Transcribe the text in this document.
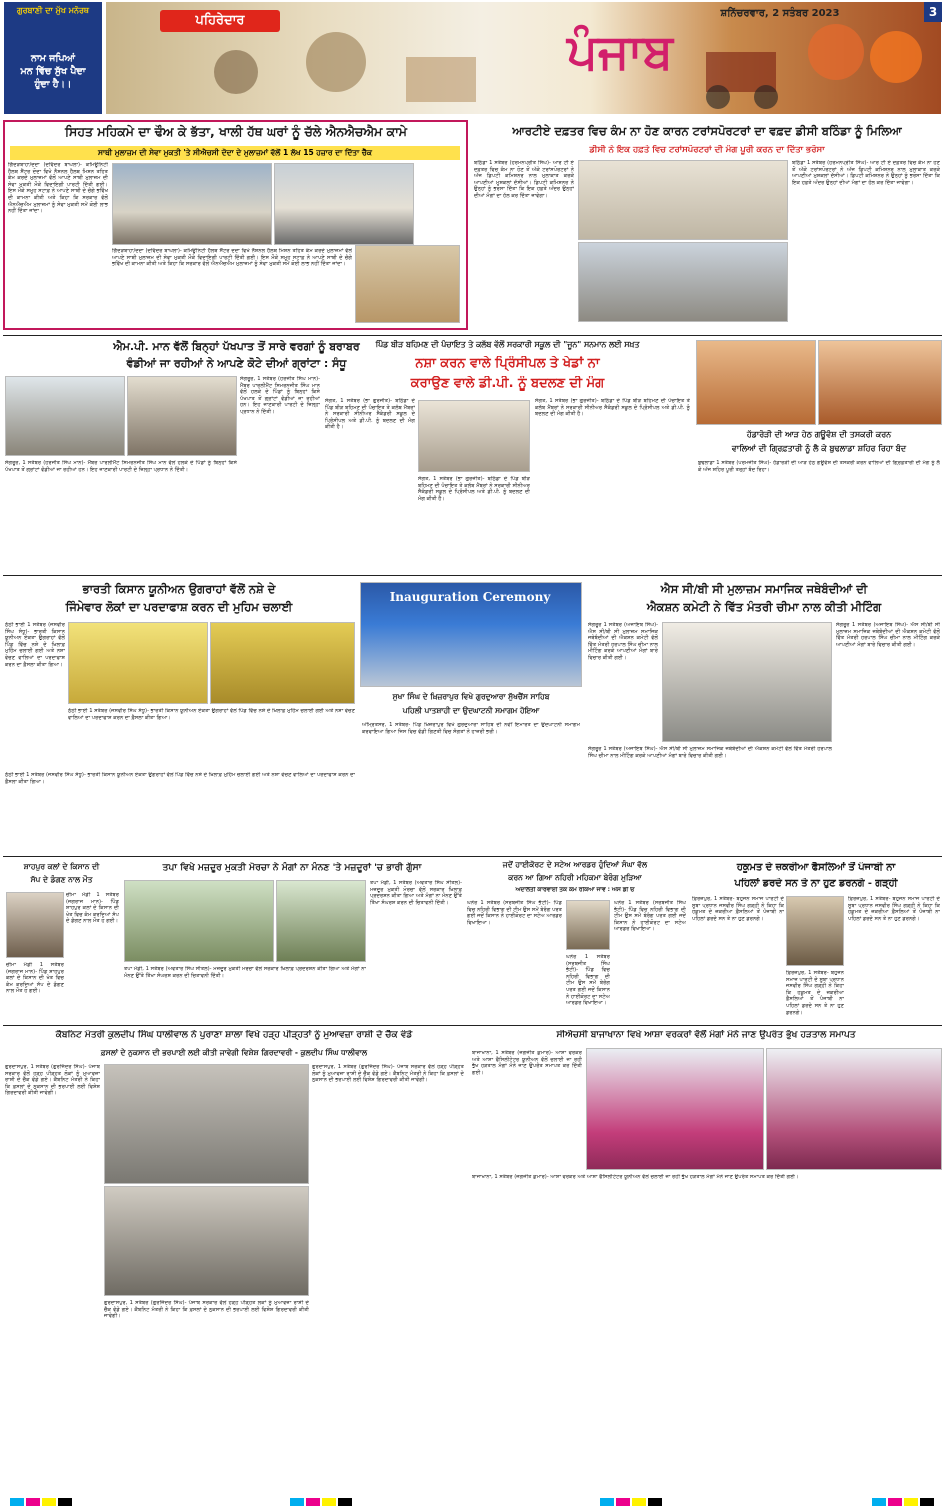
ਗੁਰਬਾਣੀ ਦਾ ਮੁੱਖ ਮਨੋਰਥ
ਨਾਮ ਜਪਿਆਂ
ਮਨ ਵਿੱਚ ਸੁੱਖ ਪੈਦਾ
ਹੁੰਦਾ ਹੈ।।
ਪਹਿਰੇਦਾਰ
ਪੰਜਾਬ
ਸ਼ਨਿੱਚਰਵਾਰ, 2 ਸਤੰਬਰ 2023	3
ਸਿਹਤ ਮਹਿਕਮੇ ਦਾ ਢੌਅ ਕੇ ਭੱਤਾ, ਖਾਲੀ ਹੱਥ ਘਰਾਂ ਨੂੰ ਚੱਲੇ ਐਨਐਚਐਮ ਕਾਮੇ
ਸਾਥੀ ਮੁਲਾਜ਼ਮ ਦੀ ਸੇਵਾ ਮੁਕਤੀ 'ਤੇ ਸੀਐਚਸੀ ਦੋਦਾ ਦੇ ਮੁਲਾਜ਼ਮਾਂ ਵੱਲੋਂ 1 ਲੱਖ 15 ਹਜ਼ਾਰ ਦਾ ਦਿੱਤਾ ਚੈੱਕ

ਗਿੱਦੜਬਾਹਾ/ਦੋਦਾ (ਦਵਿੰਦਰ ਬਾਘਲਾ)- ਕਮਿਊਨਿਟੀ ਹੈਲਥ ਸੈਂਟਰ ਦੋਦਾ ਵਿਖੇ ਨੈਸ਼ਨਲ ਹੈਲਥ ਮਿਸ਼ਨ ਤਹਿਤ ਕੰਮ ਕਰਦੇ ਮੁਲਾਜ਼ਮਾਂ ਵੱਲੋਂ ਆਪਣੇ ਸਾਥੀ ਮੁਲਾਜ਼ਮ ਦੀ ਸੇਵਾ ਮੁਕਤੀ ਮੌਕੇ ਵਿਦਾਇਗੀ ਪਾਰਟੀ ਦਿੱਤੀ ਗਈ। ਇਸ ਮੌਕੇ ਸਮੂਹ ਸਟਾਫ਼ ਨੇ ਆਪਣੇ ਸਾਥੀ ਦੇ ਚੰਗੇ ਭਵਿੱਖ ਦੀ ਕਾਮਨਾ ਕੀਤੀ ਅਤੇ ਕਿਹਾ ਕਿ ਸਰਕਾਰ ਵੱਲੋਂ ਐਨਐਚਐਮ ਮੁਲਾਜ਼ਮਾਂ ਨੂੰ ਸੇਵਾ ਮੁਕਤੀ ਸਮੇਂ ਕੋਈ ਲਾਭ ਨਹੀਂ ਦਿੱਤਾ ਜਾਂਦਾ।

ਗਿੱਦੜਬਾਹਾ/ਦੋਦਾ (ਦਵਿੰਦਰ ਬਾਘਲਾ)- ਕਮਿਊਨਿਟੀ ਹੈਲਥ ਸੈਂਟਰ ਦੋਦਾ ਵਿਖੇ ਨੈਸ਼ਨਲ ਹੈਲਥ ਮਿਸ਼ਨ ਤਹਿਤ ਕੰਮ ਕਰਦੇ ਮੁਲਾਜ਼ਮਾਂ ਵੱਲੋਂ ਆਪਣੇ ਸਾਥੀ ਮੁਲਾਜ਼ਮ ਦੀ ਸੇਵਾ ਮੁਕਤੀ ਮੌਕੇ ਵਿਦਾਇਗੀ ਪਾਰਟੀ ਦਿੱਤੀ ਗਈ। ਇਸ ਮੌਕੇ ਸਮੂਹ ਸਟਾਫ਼ ਨੇ ਆਪਣੇ ਸਾਥੀ ਦੇ ਚੰਗੇ ਭਵਿੱਖ ਦੀ ਕਾਮਨਾ ਕੀਤੀ ਅਤੇ ਕਿਹਾ ਕਿ ਸਰਕਾਰ ਵੱਲੋਂ ਐਨਐਚਐਮ ਮੁਲਾਜ਼ਮਾਂ ਨੂੰ ਸੇਵਾ ਮੁਕਤੀ ਸਮੇਂ ਕੋਈ ਲਾਭ ਨਹੀਂ ਦਿੱਤਾ ਜਾਂਦਾ।

ਆਰਟੀਏ ਦਫ਼ਤਰ ਵਿਚ ਕੰਮ ਨਾ ਹੋਣ ਕਾਰਨ ਟਰਾਂਸਪੋਰਟਰਾਂ ਦਾ ਵਫ਼ਦ ਡੀਸੀ ਬਠਿੰਡਾ ਨੂੰ ਮਿਲਿਆ
ਡੀਸੀ ਨੇ ਇਕ ਹਫ਼ਤੇ ਵਿਚ ਟਰਾਂਸਪੋਰਟਰਾਂ ਦੀ ਮੰਗ ਪੂਰੀ ਕਰਨ ਦਾ ਦਿੱਤਾ ਭਰੋਸਾ

ਬਠਿੰਡਾ 1 ਸਤੰਬਰ (ਹਰਮਨਪ੍ਰੀਤ ਸਿੰਘ)- ਆਰ ਟੀ ਏ ਦਫ਼ਤਰ ਵਿਚ ਕੰਮ ਨਾ ਹੋਣ ਤੋਂ ਅੱਕੇ ਟਰਾਂਸਪੋਰਟਰਾਂ ਨੇ ਅੱਜ ਡਿਪਟੀ ਕਮਿਸ਼ਨਰ ਨਾਲ ਮੁਲਾਕਾਤ ਕਰਕੇ ਆਪਣੀਆਂ ਮੁਸ਼ਕਲਾਂ ਦੱਸੀਆਂ। ਡਿਪਟੀ ਕਮਿਸ਼ਨਰ ਨੇ ਉਨ੍ਹਾਂ ਨੂੰ ਭਰੋਸਾ ਦਿੱਤਾ ਕਿ ਇਕ ਹਫ਼ਤੇ ਅੰਦਰ ਉਨ੍ਹਾਂ ਦੀਆਂ ਮੰਗਾਂ ਦਾ ਹੱਲ ਕਰ ਦਿੱਤਾ ਜਾਵੇਗਾ।

ਬਠਿੰਡਾ 1 ਸਤੰਬਰ (ਹਰਮਨਪ੍ਰੀਤ ਸਿੰਘ)- ਆਰ ਟੀ ਏ ਦਫ਼ਤਰ ਵਿਚ ਕੰਮ ਨਾ ਹੋਣ ਤੋਂ ਅੱਕੇ ਟਰਾਂਸਪੋਰਟਰਾਂ ਨੇ ਅੱਜ ਡਿਪਟੀ ਕਮਿਸ਼ਨਰ ਨਾਲ ਮੁਲਾਕਾਤ ਕਰਕੇ ਆਪਣੀਆਂ ਮੁਸ਼ਕਲਾਂ ਦੱਸੀਆਂ। ਡਿਪਟੀ ਕਮਿਸ਼ਨਰ ਨੇ ਉਨ੍ਹਾਂ ਨੂੰ ਭਰੋਸਾ ਦਿੱਤਾ ਕਿ ਇਕ ਹਫ਼ਤੇ ਅੰਦਰ ਉਨ੍ਹਾਂ ਦੀਆਂ ਮੰਗਾਂ ਦਾ ਹੱਲ ਕਰ ਦਿੱਤਾ ਜਾਵੇਗਾ।

ਐਮ.ਪੀ. ਮਾਨ ਵੱਲੋਂ ਬਿਨ੍ਹਾਂ ਪੱਖਪਾਤ ਤੋਂ ਸਾਰੇ ਵਰਗਾਂ ਨੂੰ ਬਰਾਬਰ
ਵੰਡੀਆਂ ਜਾ ਰਹੀਆਂ ਨੇ ਆਪਣੇ ਕੋਟੇ ਦੀਆਂ ਗ੍ਰਾਂਟਾ : ਸੰਧੂ

ਸੰਗਰੂਰ, 1 ਸਤੰਬਰ (ਹਰਜੀਤ ਸਿੰਘ ਮਾਨ)- ਮੈਂਬਰ ਪਾਰਲੀਮੈਂਟ ਸਿਮਰਨਜੀਤ ਸਿੰਘ ਮਾਨ ਵੱਲੋਂ ਹਲਕੇ ਦੇ ਪਿੰਡਾਂ ਨੂੰ ਬਿਨ੍ਹਾਂ ਕਿਸੇ ਪੱਖਪਾਤ ਤੋਂ ਗ੍ਰਾਂਟਾਂ ਵੰਡੀਆਂ ਜਾ ਰਹੀਆਂ ਹਨ। ਇਹ ਜਾਣਕਾਰੀ ਪਾਰਟੀ ਦੇ ਜ਼ਿਲ੍ਹਾ ਪ੍ਰਧਾਨ ਨੇ ਦਿੱਤੀ।

ਸੰਗਰੂਰ, 1 ਸਤੰਬਰ (ਹਰਜੀਤ ਸਿੰਘ ਮਾਨ)- ਮੈਂਬਰ ਪਾਰਲੀਮੈਂਟ ਸਿਮਰਨਜੀਤ ਸਿੰਘ ਮਾਨ ਵੱਲੋਂ ਹਲਕੇ ਦੇ ਪਿੰਡਾਂ ਨੂੰ ਬਿਨ੍ਹਾਂ ਕਿਸੇ ਪੱਖਪਾਤ ਤੋਂ ਗ੍ਰਾਂਟਾਂ ਵੰਡੀਆਂ ਜਾ ਰਹੀਆਂ ਹਨ। ਇਹ ਜਾਣਕਾਰੀ ਪਾਰਟੀ ਦੇ ਜ਼ਿਲ੍ਹਾ ਪ੍ਰਧਾਨ ਨੇ ਦਿੱਤੀ।

ਪਿੰਡ ਬੀੜ ਬਹਿਮਣ ਦੀ ਪੰਚਾਇਤ ਤੇ ਕਲੱਬ ਵੱਲੋਂ ਸਰਕਾਰੀ ਸਕੂਲ ਦੀ "ਜੂਨ" ਸਨਮਾਨ ਲਈ ਸਖ਼ਤ
ਨਸ਼ਾ ਕਰਨ ਵਾਲੇ ਪ੍ਰਿੰਸੀਪਲ ਤੇ ਖੇਡਾਂ ਨਾ
ਕਰਾਉਣ ਵਾਲੇ ਡੀ.ਪੀ. ਨੂੰ ਬਦਲਣ ਦੀ ਮੰਗ

ਸੰਗਤ, 1 ਸਤੰਬਰ (ਭਾ ਗੁਰਜੀਤ)- ਬਠਿੰਡਾ ਦੇ ਪਿੰਡ ਬੀੜ ਬਹਿਮਣ ਦੀ ਪੰਚਾਇਤ ਤੇ ਕਲੱਬ ਮੈਂਬਰਾਂ ਨੇ ਸਰਕਾਰੀ ਸੀਨੀਅਰ ਸੈਕੰਡਰੀ ਸਕੂਲ ਦੇ ਪ੍ਰਿੰਸੀਪਲ ਅਤੇ ਡੀ.ਪੀ. ਨੂੰ ਬਦਲਣ ਦੀ ਮੰਗ ਕੀਤੀ ਹੈ।

ਸੰਗਤ, 1 ਸਤੰਬਰ (ਭਾ ਗੁਰਜੀਤ)- ਬਠਿੰਡਾ ਦੇ ਪਿੰਡ ਬੀੜ ਬਹਿਮਣ ਦੀ ਪੰਚਾਇਤ ਤੇ ਕਲੱਬ ਮੈਂਬਰਾਂ ਨੇ ਸਰਕਾਰੀ ਸੀਨੀਅਰ ਸੈਕੰਡਰੀ ਸਕੂਲ ਦੇ ਪ੍ਰਿੰਸੀਪਲ ਅਤੇ ਡੀ.ਪੀ. ਨੂੰ ਬਦਲਣ ਦੀ ਮੰਗ ਕੀਤੀ ਹੈ।

ਸੰਗਤ, 1 ਸਤੰਬਰ (ਭਾ ਗੁਰਜੀਤ)- ਬਠਿੰਡਾ ਦੇ ਪਿੰਡ ਬੀੜ ਬਹਿਮਣ ਦੀ ਪੰਚਾਇਤ ਤੇ ਕਲੱਬ ਮੈਂਬਰਾਂ ਨੇ ਸਰਕਾਰੀ ਸੀਨੀਅਰ ਸੈਕੰਡਰੀ ਸਕੂਲ ਦੇ ਪ੍ਰਿੰਸੀਪਲ ਅਤੇ ਡੀ.ਪੀ. ਨੂੰ ਬਦਲਣ ਦੀ ਮੰਗ ਕੀਤੀ ਹੈ।

ਹੱਡਾਰੋੜੀ ਦੀ ਆੜ ਹੇਠ ਗਊਵੰਸ਼ ਦੀ ਤਸਕਰੀ ਕਰਨ
ਵਾਲਿਆਂ ਦੀ ਗ੍ਰਿਫ਼ਤਾਰੀ ਨੂੰ ਲੈ ਕੇ ਬੁਢਲਾਡਾ ਸ਼ਹਿਰ ਰਿਹਾ ਬੰਦ

ਬੁਢਲਾਡਾ 1 ਸਤੰਬਰ (ਪਰਮਜੀਤ ਸਿੰਘ)- ਹੱਡਾਰੋੜੀ ਦੀ ਆੜ ਹੇਠ ਗਊਵੰਸ਼ ਦੀ ਤਸਕਰੀ ਕਰਨ ਵਾਲਿਆਂ ਦੀ ਗ੍ਰਿਫ਼ਤਾਰੀ ਦੀ ਮੰਗ ਨੂੰ ਲੈ ਕੇ ਅੱਜ ਸ਼ਹਿਰ ਪੂਰੀ ਤਰ੍ਹਾਂ ਬੰਦ ਰਿਹਾ।

ਭਾਰਤੀ ਕਿਸਾਨ ਯੂਨੀਅਨ ਉਗਰਾਹਾਂ ਵੱਲੋਂ ਨਸ਼ੇ ਦੇ
ਜਿੰਮੇਵਾਰ ਲੋਕਾਂ ਦਾ ਪਰਦਾਫਾਸ਼ ਕਰਨ ਦੀ ਮੁਹਿਮ ਚਲਾਈ

ਠੱਠੀ ਭਾਈ 1 ਸਤੰਬਰ (ਜਸਵੀਰ ਸਿੰਘ ਸੰਧੂ)- ਭਾਰਤੀ ਕਿਸਾਨ ਯੂਨੀਅਨ ਏਕਤਾ ਉਗਰਾਹਾਂ ਵੱਲੋਂ ਪਿੰਡ ਵਿੱਚ ਨਸ਼ੇ ਦੇ ਖ਼ਿਲਾਫ਼ ਮੁਹਿੰਮ ਚਲਾਈ ਗਈ ਅਤੇ ਨਸ਼ਾ ਵੇਚਣ ਵਾਲਿਆਂ ਦਾ ਪਰਦਾਫਾਸ਼ ਕਰਨ ਦਾ ਫ਼ੈਸਲਾ ਕੀਤਾ ਗਿਆ।

ਠੱਠੀ ਭਾਈ 1 ਸਤੰਬਰ (ਜਸਵੀਰ ਸਿੰਘ ਸੰਧੂ)- ਭਾਰਤੀ ਕਿਸਾਨ ਯੂਨੀਅਨ ਏਕਤਾ ਉਗਰਾਹਾਂ ਵੱਲੋਂ ਪਿੰਡ ਵਿੱਚ ਨਸ਼ੇ ਦੇ ਖ਼ਿਲਾਫ਼ ਮੁਹਿੰਮ ਚਲਾਈ ਗਈ ਅਤੇ ਨਸ਼ਾ ਵੇਚਣ ਵਾਲਿਆਂ ਦਾ ਪਰਦਾਫਾਸ਼ ਕਰਨ ਦਾ ਫ਼ੈਸਲਾ ਕੀਤਾ ਗਿਆ।

ਠੱਠੀ ਭਾਈ 1 ਸਤੰਬਰ (ਜਸਵੀਰ ਸਿੰਘ ਸੰਧੂ)- ਭਾਰਤੀ ਕਿਸਾਨ ਯੂਨੀਅਨ ਏਕਤਾ ਉਗਰਾਹਾਂ ਵੱਲੋਂ ਪਿੰਡ ਵਿੱਚ ਨਸ਼ੇ ਦੇ ਖ਼ਿਲਾਫ਼ ਮੁਹਿੰਮ ਚਲਾਈ ਗਈ ਅਤੇ ਨਸ਼ਾ ਵੇਚਣ ਵਾਲਿਆਂ ਦਾ ਪਰਦਾਫਾਸ਼ ਕਰਨ ਦਾ ਫ਼ੈਸਲਾ ਕੀਤਾ ਗਿਆ।

Inauguration Ceremony
ਸੁਖਾ ਸਿੰਘ ਦੇ ਖ਼ਿਜ਼ਰਾਪੁਰ ਵਿਖੇ ਗੁਰਦੁਆਰਾ ਸੁੱਖਚੈਂਸ ਸਾਹਿਬ
ਪਹਿਲੀ ਪਾਤਸ਼ਾਹੀ ਦਾ ਉਦਘਾਟਨੀ ਸਮਾਗਮ ਹੋਇਆ

ਅੰਮ੍ਰਿਤਸਰ, 1 ਸਤੰਬਰ- ਪਿੰਡ ਖ਼ਿਜ਼ਰਾਪੁਰ ਵਿਖੇ ਗੁਰਦੁਆਰਾ ਸਾਹਿਬ ਦੀ ਨਵੀਂ ਇਮਾਰਤ ਦਾ ਉਦਘਾਟਨੀ ਸਮਾਗਮ ਕਰਵਾਇਆ ਗਿਆ ਜਿਸ ਵਿਚ ਵੱਡੀ ਗਿਣਤੀ ਵਿਚ ਸੰਗਤਾਂ ਨੇ ਹਾਜ਼ਰੀ ਭਰੀ।

ਐਸ ਸੀ/ਬੀ ਸੀ ਮੁਲਾਜ਼ਮ ਸਮਾਜਿਕ ਜਥੇਬੰਦੀਆਂ ਦੀ
ਐਕਸ਼ਨ ਕਮੇਟੀ ਨੇ ਵਿੱਤ ਮੰਤਰੀ ਚੀਮਾ ਨਾਲ ਕੀਤੀ ਮੀਟਿੰਗ

ਸੰਗਰੂਰ 1 ਸਤੰਬਰ (ਅਜਾਇਬ ਸਿੰਘ)- ਐਸ ਸੀ/ਬੀ ਸੀ ਮੁਲਾਜ਼ਮ ਸਮਾਜਿਕ ਜਥੇਬੰਦੀਆਂ ਦੀ ਐਕਸ਼ਨ ਕਮੇਟੀ ਵੱਲੋਂ ਵਿੱਤ ਮੰਤਰੀ ਹਰਪਾਲ ਸਿੰਘ ਚੀਮਾ ਨਾਲ ਮੀਟਿੰਗ ਕਰਕੇ ਆਪਣੀਆਂ ਮੰਗਾਂ ਬਾਰੇ ਵਿਚਾਰ ਕੀਤੀ ਗਈ।

ਸੰਗਰੂਰ 1 ਸਤੰਬਰ (ਅਜਾਇਬ ਸਿੰਘ)- ਐਸ ਸੀ/ਬੀ ਸੀ ਮੁਲਾਜ਼ਮ ਸਮਾਜਿਕ ਜਥੇਬੰਦੀਆਂ ਦੀ ਐਕਸ਼ਨ ਕਮੇਟੀ ਵੱਲੋਂ ਵਿੱਤ ਮੰਤਰੀ ਹਰਪਾਲ ਸਿੰਘ ਚੀਮਾ ਨਾਲ ਮੀਟਿੰਗ ਕਰਕੇ ਆਪਣੀਆਂ ਮੰਗਾਂ ਬਾਰੇ ਵਿਚਾਰ ਕੀਤੀ ਗਈ।

ਸੰਗਰੂਰ 1 ਸਤੰਬਰ (ਅਜਾਇਬ ਸਿੰਘ)- ਐਸ ਸੀ/ਬੀ ਸੀ ਮੁਲਾਜ਼ਮ ਸਮਾਜਿਕ ਜਥੇਬੰਦੀਆਂ ਦੀ ਐਕਸ਼ਨ ਕਮੇਟੀ ਵੱਲੋਂ ਵਿੱਤ ਮੰਤਰੀ ਹਰਪਾਲ ਸਿੰਘ ਚੀਮਾ ਨਾਲ ਮੀਟਿੰਗ ਕਰਕੇ ਆਪਣੀਆਂ ਮੰਗਾਂ ਬਾਰੇ ਵਿਚਾਰ ਕੀਤੀ ਗਈ।

ਸ਼ਾਹਪੁਰ ਕਲਾਂ ਦੇ ਕਿਸਾਨ ਦੀ
ਸੱਪ ਦੇ ਡੰਗਣ ਨਾਲ ਮੌਤ

ਚੀਮਾ ਮੰਡੀ 1 ਸਤੰਬਰ (ਜਗਰਾਜ ਮਾਨ)- ਪਿੰਡ ਸ਼ਾਹਪੁਰ ਕਲਾਂ ਦੇ ਕਿਸਾਨ ਦੀ ਖੇਤ ਵਿਚ ਕੰਮ ਕਰਦਿਆਂ ਸੱਪ ਦੇ ਡੰਗਣ ਨਾਲ ਮੌਤ ਹੋ ਗਈ।

ਚੀਮਾ ਮੰਡੀ 1 ਸਤੰਬਰ (ਜਗਰਾਜ ਮਾਨ)- ਪਿੰਡ ਸ਼ਾਹਪੁਰ ਕਲਾਂ ਦੇ ਕਿਸਾਨ ਦੀ ਖੇਤ ਵਿਚ ਕੰਮ ਕਰਦਿਆਂ ਸੱਪ ਦੇ ਡੰਗਣ ਨਾਲ ਮੌਤ ਹੋ ਗਈ।

ਤਪਾ ਵਿਖੇ ਮਜ਼ਦੂਰ ਮੁਕਤੀ ਮੋਰਚਾ ਨੇ ਮੰਗਾਂ ਨਾ ਮੰਨਣ 'ਤੇ ਮਜ਼ਦੂਰਾਂ 'ਚ ਭਾਰੀ ਗੁੱਸਾ

ਤਪਾ ਮੰਡੀ, 1 ਸਤੰਬਰ (ਅਵਤਾਰ ਸਿੰਘ ਸੀਤਲ)- ਮਜ਼ਦੂਰ ਮੁਕਤੀ ਮੋਰਚਾ ਵੱਲੋਂ ਸਰਕਾਰ ਖ਼ਿਲਾਫ਼ ਪ੍ਰਦਰਸ਼ਨ ਕੀਤਾ ਗਿਆ ਅਤੇ ਮੰਗਾਂ ਨਾ ਮੰਨਣ ਉੱਤੇ ਤਿੱਖਾ ਸੰਘਰਸ਼ ਕਰਨ ਦੀ ਚਿਤਾਵਨੀ ਦਿੱਤੀ।

ਤਪਾ ਮੰਡੀ, 1 ਸਤੰਬਰ (ਅਵਤਾਰ ਸਿੰਘ ਸੀਤਲ)- ਮਜ਼ਦੂਰ ਮੁਕਤੀ ਮੋਰਚਾ ਵੱਲੋਂ ਸਰਕਾਰ ਖ਼ਿਲਾਫ਼ ਪ੍ਰਦਰਸ਼ਨ ਕੀਤਾ ਗਿਆ ਅਤੇ ਮੰਗਾਂ ਨਾ ਮੰਨਣ ਉੱਤੇ ਤਿੱਖਾ ਸੰਘਰਸ਼ ਕਰਨ ਦੀ ਚਿਤਾਵਨੀ ਦਿੱਤੀ।

ਜਦੋਂ ਹਾਈਕੋਰਟ ਦੇ ਸਟੇਅ ਆਰਡਰ ਹੁੰਦਿਆਂ ਸੰਘਾ ਵੱਲ
ਕਰਨ ਆ ਗਿਆ ਨਹਿਰੀ ਮਹਿਕਮਾ ਬੇਰੰਗ ਮੁੜਿਆ
ਅਦਾਲਤੀ ਕਾਰਵਾਈ ਤੱਕ ਕੰਮ ਰੋਕਿਆ ਜਾਵੇ : ਐਸ ਡੀ ਓ

ਘਨੌਰ 1 ਸਤੰਬਰ (ਸਰਬਜੀਤ ਸਿੰਘ ਭੱਟੀ)- ਪਿੰਡ ਵਿਚ ਨਹਿਰੀ ਵਿਭਾਗ ਦੀ ਟੀਮ ਉਸ ਸਮੇਂ ਬੇਰੰਗ ਪਰਤ ਗਈ ਜਦੋਂ ਕਿਸਾਨ ਨੇ ਹਾਈਕੋਰਟ ਦਾ ਸਟੇਅ ਆਰਡਰ ਵਿਖਾਇਆ।

ਘਨੌਰ 1 ਸਤੰਬਰ (ਸਰਬਜੀਤ ਸਿੰਘ ਭੱਟੀ)- ਪਿੰਡ ਵਿਚ ਨਹਿਰੀ ਵਿਭਾਗ ਦੀ ਟੀਮ ਉਸ ਸਮੇਂ ਬੇਰੰਗ ਪਰਤ ਗਈ ਜਦੋਂ ਕਿਸਾਨ ਨੇ ਹਾਈਕੋਰਟ ਦਾ ਸਟੇਅ ਆਰਡਰ ਵਿਖਾਇਆ।

ਘਨੌਰ 1 ਸਤੰਬਰ (ਸਰਬਜੀਤ ਸਿੰਘ ਭੱਟੀ)- ਪਿੰਡ ਵਿਚ ਨਹਿਰੀ ਵਿਭਾਗ ਦੀ ਟੀਮ ਉਸ ਸਮੇਂ ਬੇਰੰਗ ਪਰਤ ਗਈ ਜਦੋਂ ਕਿਸਾਨ ਨੇ ਹਾਈਕੋਰਟ ਦਾ ਸਟੇਅ ਆਰਡਰ ਵਿਖਾਇਆ।

ਹਕੂਮਤ ਦੇ ਜ਼ਕਰੀਆ ਫੈਸਲਿਆਂ ਤੋਂ ਪੰਜਾਬੀ ਨਾ
ਪਹਿਲਾਂ ਡਰਦੇ ਸਨ ਤੇ ਨਾ ਹੁਣ ਡਰਨਗੇ - ਗੜ੍ਹੀ

ਫ਼ਿਰੋਜ਼ਪੁਰ, 1 ਸਤੰਬਰ- ਬਹੁਜਨ ਸਮਾਜ ਪਾਰਟੀ ਦੇ ਸੂਬਾ ਪ੍ਰਧਾਨ ਜਸਵੀਰ ਸਿੰਘ ਗੜ੍ਹੀ ਨੇ ਕਿਹਾ ਕਿ ਹਕੂਮਤ ਦੇ ਜ਼ਕਰੀਆ ਫ਼ੈਸਲਿਆਂ ਤੋਂ ਪੰਜਾਬੀ ਨਾ ਪਹਿਲਾਂ ਡਰਦੇ ਸਨ ਤੇ ਨਾ ਹੁਣ ਡਰਨਗੇ।

ਫ਼ਿਰੋਜ਼ਪੁਰ, 1 ਸਤੰਬਰ- ਬਹੁਜਨ ਸਮਾਜ ਪਾਰਟੀ ਦੇ ਸੂਬਾ ਪ੍ਰਧਾਨ ਜਸਵੀਰ ਸਿੰਘ ਗੜ੍ਹੀ ਨੇ ਕਿਹਾ ਕਿ ਹਕੂਮਤ ਦੇ ਜ਼ਕਰੀਆ ਫ਼ੈਸਲਿਆਂ ਤੋਂ ਪੰਜਾਬੀ ਨਾ ਪਹਿਲਾਂ ਡਰਦੇ ਸਨ ਤੇ ਨਾ ਹੁਣ ਡਰਨਗੇ।

ਫ਼ਿਰੋਜ਼ਪੁਰ, 1 ਸਤੰਬਰ- ਬਹੁਜਨ ਸਮਾਜ ਪਾਰਟੀ ਦੇ ਸੂਬਾ ਪ੍ਰਧਾਨ ਜਸਵੀਰ ਸਿੰਘ ਗੜ੍ਹੀ ਨੇ ਕਿਹਾ ਕਿ ਹਕੂਮਤ ਦੇ ਜ਼ਕਰੀਆ ਫ਼ੈਸਲਿਆਂ ਤੋਂ ਪੰਜਾਬੀ ਨਾ ਪਹਿਲਾਂ ਡਰਦੇ ਸਨ ਤੇ ਨਾ ਹੁਣ ਡਰਨਗੇ।

ਕੈਬਨਿਟ ਮੰਤਰੀ ਕੁਲਦੀਪ ਸਿੰਘ ਧਾਲੀਵਾਲ ਨੇ ਪੁਰਾਣਾ ਸ਼ਾਲਾ ਵਿਖੇ ਹੜ੍ਹ ਪੀੜ੍ਹਤਾਂ ਨੂੰ ਮੁਆਵਜ਼ਾ ਰਾਸ਼ੀ ਦੇ ਚੈੱਕ ਵੰਡੇ
ਫ਼ਸਲਾਂ ਦੇ ਨੁਕਸਾਨ ਦੀ ਭਰਪਾਈ ਲਈ ਕੀਤੀ ਜਾਵੇਗੀ ਵਿਸ਼ੇਸ਼ ਗਿਰਦਾਵਰੀ - ਕੁਲਦੀਪ ਸਿੰਘ ਧਾਲੀਵਾਲ

ਗੁਰਦਾਸਪੁਰ, 1 ਸਤੰਬਰ (ਗੁਰਜਿੰਦਰ ਸਿੰਘ)- ਪੰਜਾਬ ਸਰਕਾਰ ਵੱਲੋਂ ਹੜ੍ਹ ਪੀੜ੍ਹਤ ਲੋਕਾਂ ਨੂੰ ਮੁਆਵਜ਼ਾ ਰਾਸ਼ੀ ਦੇ ਚੈੱਕ ਵੰਡੇ ਗਏ। ਕੈਬਨਿਟ ਮੰਤਰੀ ਨੇ ਕਿਹਾ ਕਿ ਫ਼ਸਲਾਂ ਦੇ ਨੁਕਸਾਨ ਦੀ ਭਰਪਾਈ ਲਈ ਵਿਸ਼ੇਸ਼ ਗਿਰਦਾਵਰੀ ਕੀਤੀ ਜਾਵੇਗੀ।

ਗੁਰਦਾਸਪੁਰ, 1 ਸਤੰਬਰ (ਗੁਰਜਿੰਦਰ ਸਿੰਘ)- ਪੰਜਾਬ ਸਰਕਾਰ ਵੱਲੋਂ ਹੜ੍ਹ ਪੀੜ੍ਹਤ ਲੋਕਾਂ ਨੂੰ ਮੁਆਵਜ਼ਾ ਰਾਸ਼ੀ ਦੇ ਚੈੱਕ ਵੰਡੇ ਗਏ। ਕੈਬਨਿਟ ਮੰਤਰੀ ਨੇ ਕਿਹਾ ਕਿ ਫ਼ਸਲਾਂ ਦੇ ਨੁਕਸਾਨ ਦੀ ਭਰਪਾਈ ਲਈ ਵਿਸ਼ੇਸ਼ ਗਿਰਦਾਵਰੀ ਕੀਤੀ ਜਾਵੇਗੀ।

ਗੁਰਦਾਸਪੁਰ, 1 ਸਤੰਬਰ (ਗੁਰਜਿੰਦਰ ਸਿੰਘ)- ਪੰਜਾਬ ਸਰਕਾਰ ਵੱਲੋਂ ਹੜ੍ਹ ਪੀੜ੍ਹਤ ਲੋਕਾਂ ਨੂੰ ਮੁਆਵਜ਼ਾ ਰਾਸ਼ੀ ਦੇ ਚੈੱਕ ਵੰਡੇ ਗਏ। ਕੈਬਨਿਟ ਮੰਤਰੀ ਨੇ ਕਿਹਾ ਕਿ ਫ਼ਸਲਾਂ ਦੇ ਨੁਕਸਾਨ ਦੀ ਭਰਪਾਈ ਲਈ ਵਿਸ਼ੇਸ਼ ਗਿਰਦਾਵਰੀ ਕੀਤੀ ਜਾਵੇਗੀ।

ਸੀਐਚਸੀ ਬਾਜਾਖਾਨਾ ਵਿਖੇ ਆਸ਼ਾ ਵਰਕਰਾਂ ਵੱਲੋਂ ਮੰਗਾਂ ਮੰਨੇ ਜਾਣ ਉਪਰੰਤ ਭੁੱਖ ਹੜਤਾਲ ਸਮਾਪਤ

ਬਾਜਾਖਾਨਾ, 1 ਸਤੰਬਰ (ਜਗਜੀਤ ਕੁਮਾਰ)- ਆਸ਼ਾ ਵਰਕਰ ਅਤੇ ਆਸ਼ਾ ਫੈਸਿਲੀਟੇਟਰ ਯੂਨੀਅਨ ਵੱਲੋਂ ਚਲਾਈ ਜਾ ਰਹੀ ਭੁੱਖ ਹੜਤਾਲ ਮੰਗਾਂ ਮੰਨੇ ਜਾਣ ਉਪਰੰਤ ਸਮਾਪਤ ਕਰ ਦਿੱਤੀ ਗਈ।

ਬਾਜਾਖਾਨਾ, 1 ਸਤੰਬਰ (ਜਗਜੀਤ ਕੁਮਾਰ)- ਆਸ਼ਾ ਵਰਕਰ ਅਤੇ ਆਸ਼ਾ ਫੈਸਿਲੀਟੇਟਰ ਯੂਨੀਅਨ ਵੱਲੋਂ ਚਲਾਈ ਜਾ ਰਹੀ ਭੁੱਖ ਹੜਤਾਲ ਮੰਗਾਂ ਮੰਨੇ ਜਾਣ ਉਪਰੰਤ ਸਮਾਪਤ ਕਰ ਦਿੱਤੀ ਗਈ।
